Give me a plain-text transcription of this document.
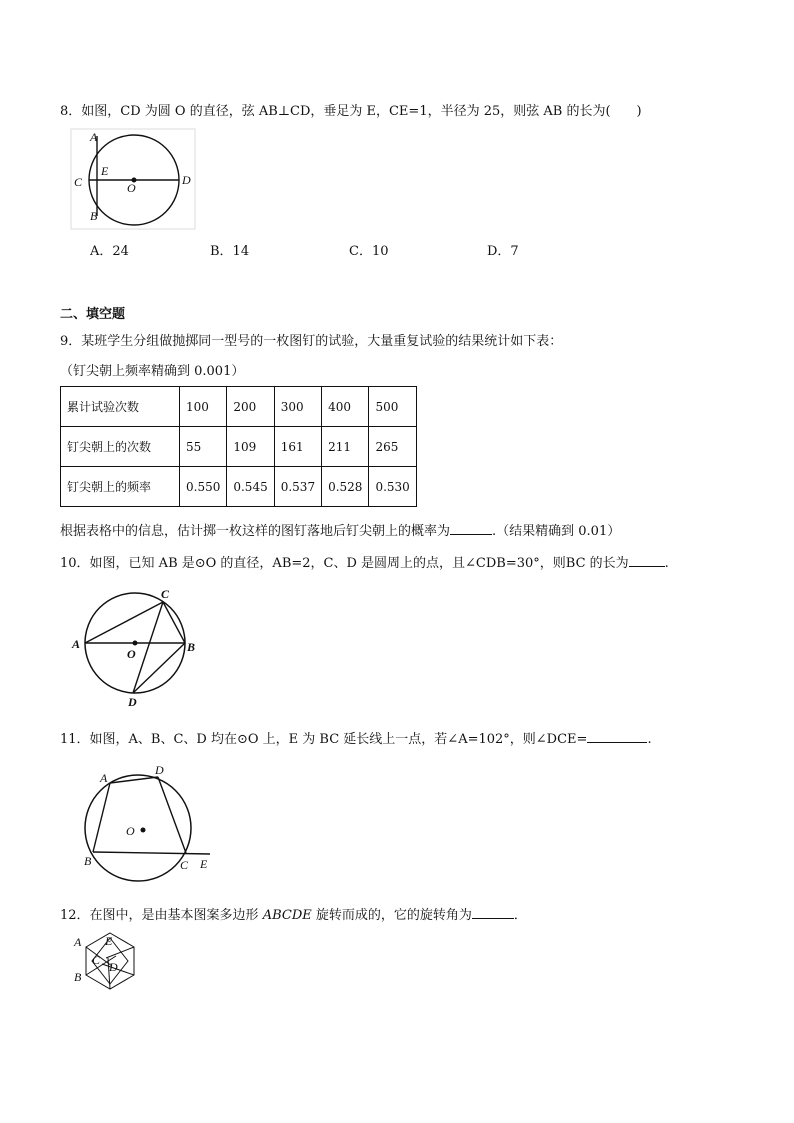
8．如图，CD 为圆 O 的直径，弦 AB⊥CD，垂足为 E，CE=1，半径为 25，则弦 AB 的长为(　　)
A
B
C	D
E
O
A．24	B．14	C．10	D．7
二、填空题
9．某班学生分组做抛掷同一型号的一枚图钉的试验，大量重复试验的结果统计如下表：
（钉尖朝上频率精确到 0.001）
累计试验次数	100	200	300	400	500
钉尖朝上的次数	55	109	161	211	265
钉尖朝上的频率	0.550	0.545	0.537	0.528	0.530
根据表格中的信息，估计掷一枚这样的图钉落地后钉尖朝上的概率为	.（结果精确到 0.01）
10．如图，已知 AB 是⊙O 的直径，AB=2，C、D 是圆周上的点，且∠CDB=30°，则BC 的长为	.
A	B
C
D
O
11．如图，A、B、C、D 均在⊙O 上，E 为 BC 延长线上一点，若∠A=102°，则∠DCE=	.
A
B	C
D
E
O
12．在图中，是由基本图案多边形 ABCDE 旋转而成的，它的旋转角为	．
A E
C D
B
